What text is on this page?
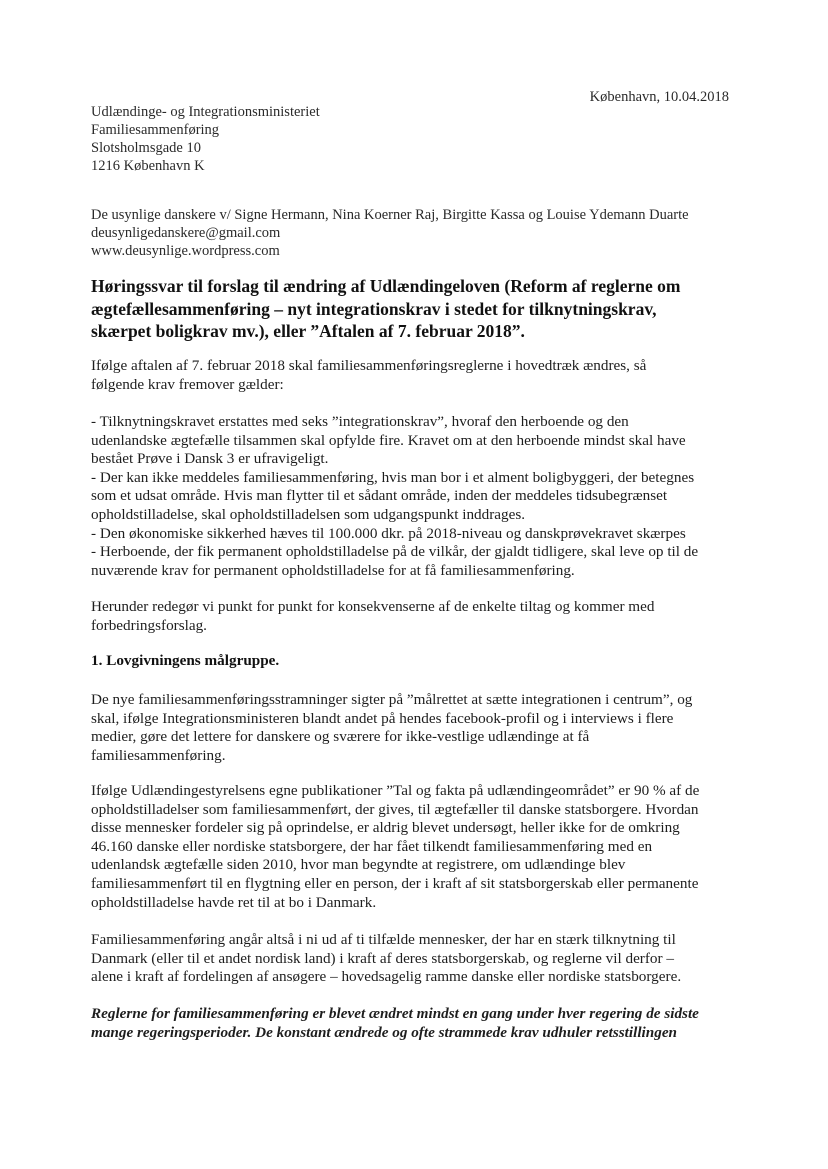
København, 10.04.2018
Udlændinge- og Integrationsministeriet
Familiesammenføring
Slotsholmsgade 10
1216 København K
De usynlige danskere v/ Signe Hermann, Nina Koerner Raj, Birgitte Kassa og Louise Ydemann Duarte
deusynligedanskere@gmail.com
www.deusynlige.wordpress.com
Høringssvar til forslag til ændring af Udlændingeloven (Reform af reglerne om
ægtefællesammenføring – nyt integrationskrav i stedet for tilknytningskrav,
skærpet boligkrav mv.), eller ”Aftalen af 7. februar 2018”.

Ifølge aftalen af 7. februar 2018 skal familiesammenføringsreglerne i hovedtræk ændres, så
følgende krav fremover gælder:

- Tilknytningskravet erstattes med seks ”integrationskrav”, hvoraf den herboende og den
udenlandske ægtefælle tilsammen skal opfylde fire. Kravet om at den herboende mindst skal have
bestået Prøve i Dansk 3 er ufravigeligt.
- Der kan ikke meddeles familiesammenføring, hvis man bor i et alment boligbyggeri, der betegnes
som et udsat område. Hvis man flytter til et sådant område, inden der meddeles tidsubegrænset
opholdstilladelse, skal opholdstilladelsen som udgangspunkt inddrages.
- Den økonomiske sikkerhed hæves til 100.000 dkr. på 2018-niveau og danskprøvekravet skærpes
- Herboende, der fik permanent opholdstilladelse på de vilkår, der gjaldt tidligere, skal leve op til de
nuværende krav for permanent opholdstilladelse for at få familiesammenføring.

Herunder redegør vi punkt for punkt for konsekvenserne af de enkelte tiltag og kommer med
forbedringsforslag.

1. Lovgivningens målgruppe.

De nye familiesammenføringsstramninger sigter på ”målrettet at sætte integrationen i centrum”, og
skal, ifølge Integrationsministeren blandt andet på hendes facebook-profil og i interviews i flere
medier, gøre det lettere for danskere og sværere for ikke-vestlige udlændinge at få
familiesammenføring.

Ifølge Udlændingestyrelsens egne publikationer ”Tal og fakta på udlændingeområdet” er 90 % af de
opholdstilladelser som familiesammenført, der gives, til ægtefæller til danske statsborgere. Hvordan
disse mennesker fordeler sig på oprindelse, er aldrig blevet undersøgt, heller ikke for de omkring
46.160 danske eller nordiske statsborgere, der har fået tilkendt familiesammenføring med en
udenlandsk ægtefælle siden 2010, hvor man begyndte at registrere, om udlændinge blev
familiesammenført til en flygtning eller en person, der i kraft af sit statsborgerskab eller permanente
opholdstilladelse havde ret til at bo i Danmark.

Familiesammenføring angår altså i ni ud af ti tilfælde mennesker, der har en stærk tilknytning til
Danmark (eller til et andet nordisk land) i kraft af deres statsborgerskab, og reglerne vil derfor –
alene i kraft af fordelingen af ansøgere – hovedsagelig ramme danske eller nordiske statsborgere.

Reglerne for familiesammenføring er blevet ændret mindst en gang under hver regering de sidste
mange regeringsperioder. De konstant ændrede og ofte strammede krav udhuler retsstillingen
